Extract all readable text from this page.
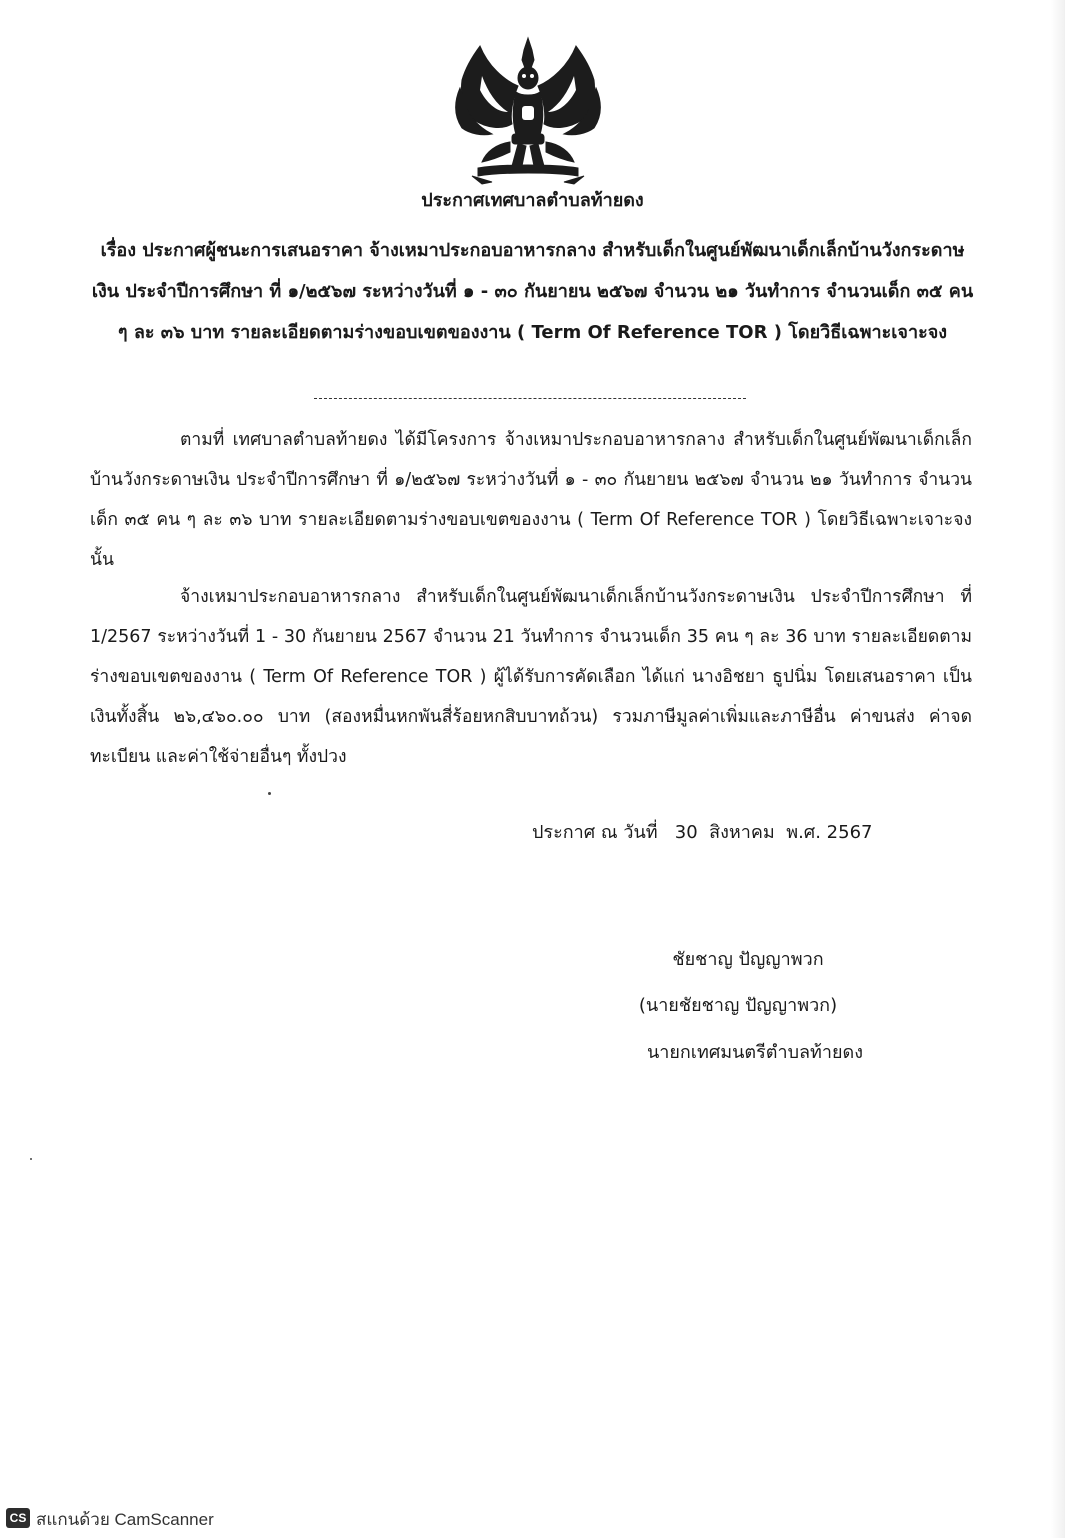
ประกาศเทศบาลตำบลท้ายดง
เรื่อง ประกาศผู้ชนะการเสนอราคา จ้างเหมาประกอบอาหารกลาง สำหรับเด็กในศูนย์พัฒนาเด็กเล็กบ้านวังกระดาษเงิน ประจำปีการศึกษา ที่ ๑/๒๕๖๗ ระหว่างวันที่ ๑ - ๓๐ กันยายน ๒๕๖๗ จำนวน ๒๑ วันทำการ จำนวนเด็ก ๓๕ คน ๆ ละ ๓๖ บาท รายละเอียดตามร่างขอบเขตของงาน ( Term Of Reference TOR ) โดยวิธีเฉพาะเจาะจง
ตามที่ เทศบาลตำบลท้ายดง ได้มีโครงการ จ้างเหมาประกอบอาหารกลาง สำหรับเด็กในศูนย์พัฒนาเด็กเล็กบ้านวังกระดาษเงิน ประจำปีการศึกษา ที่ ๑/๒๕๖๗ ระหว่างวันที่ ๑ - ๓๐ กันยายน ๒๕๖๗ จำนวน ๒๑ วันทำการ จำนวนเด็ก ๓๕ คน ๆ ละ ๓๖ บาท รายละเอียดตามร่างขอบเขตของงาน ( Term Of Reference TOR ) โดยวิธีเฉพาะเจาะจง นั้น
จ้างเหมาประกอบอาหารกลาง สำหรับเด็กในศูนย์พัฒนาเด็กเล็กบ้านวังกระดาษเงิน ประจำปีการศึกษา ที่ 1/2567 ระหว่างวันที่ 1 - 30 กันยายน 2567 จำนวน 21 วันทำการ จำนวนเด็ก 35 คน ๆ ละ 36 บาท รายละเอียดตามร่างขอบเขตของงาน ( Term Of Reference TOR ) ผู้ได้รับการคัดเลือก ได้แก่ นางอิชยา ธูปนิ่ม โดยเสนอราคา เป็นเงินทั้งสิ้น ๒๖,๔๖๐.๐๐ บาท (สองหมื่นหกพันสี่ร้อยหกสิบบาทถ้วน) รวมภาษีมูลค่าเพิ่มและภาษีอื่น ค่าขนส่ง ค่าจดทะเบียน และค่าใช้จ่ายอื่นๆ ทั้งปวง
ประกาศ ณ วันที่   30  สิงหาคม  พ.ศ. 2567
ชัยชาญ ปัญญาพวก
(นายชัยชาญ ปัญญาพวก)
นายกเทศมนตรีตำบลท้ายดง
CS สแกนด้วย CamScanner
